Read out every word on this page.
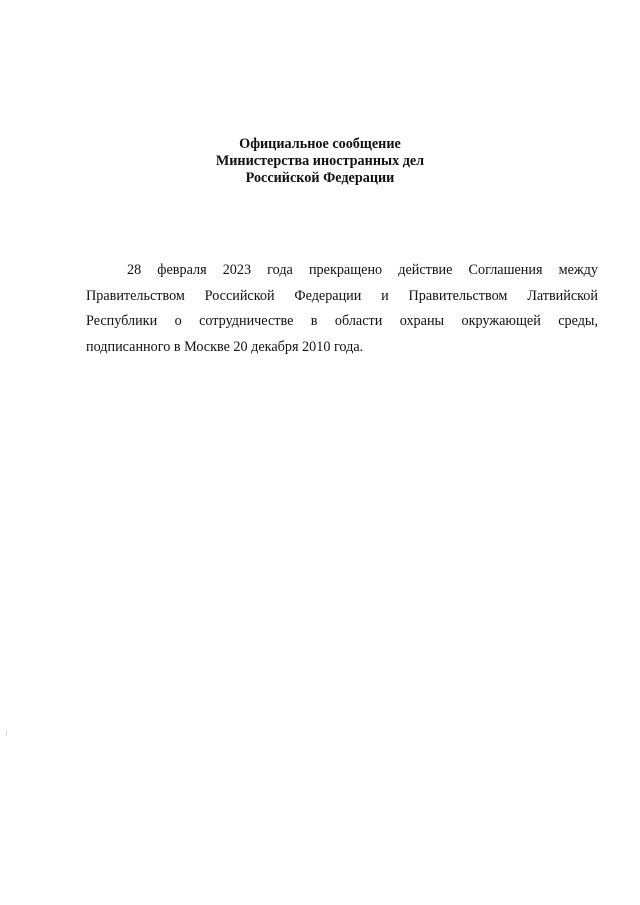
Официальное сообщение
Министерства иностранных дел
Российской Федерации
28 февраля 2023 года прекращено действие Соглашения между
Правительством Российской Федерации и Правительством Латвийской
Республики о сотрудничестве в области охраны окружающей среды,
подписанного в Москве 20 декабря 2010 года.
